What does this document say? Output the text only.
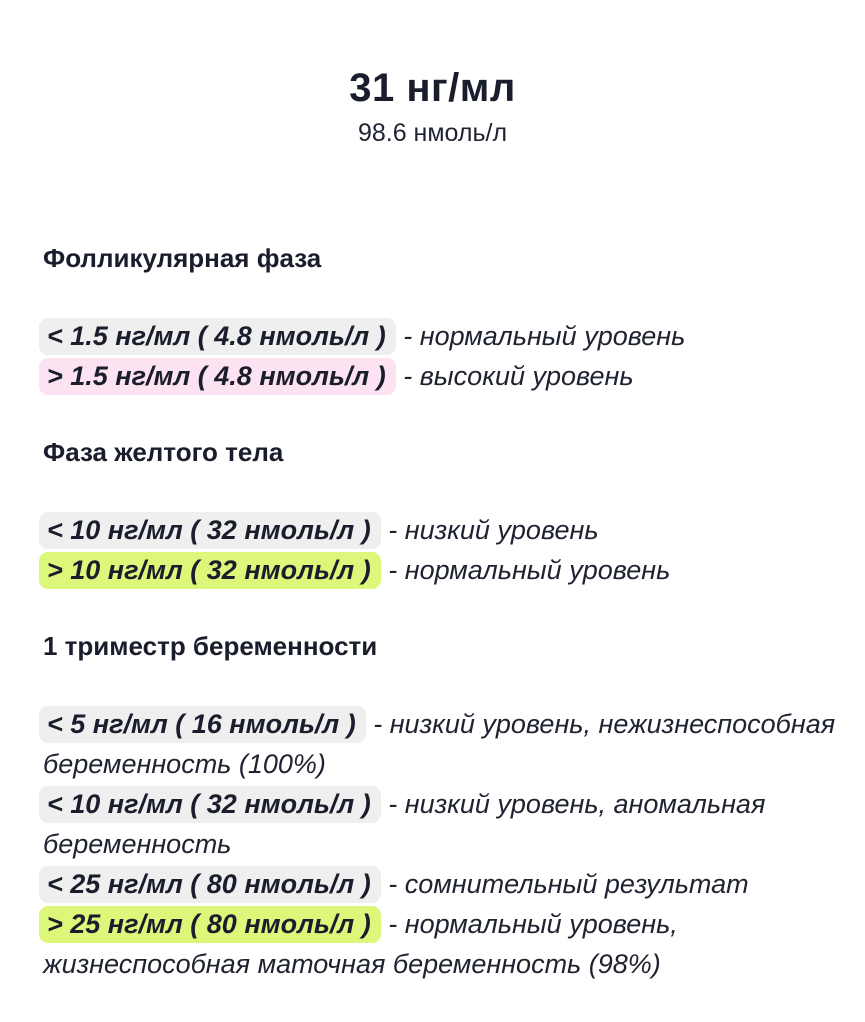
31 нг/мл
98.6 нмоль/л
Фолликулярная фаза
< 1.5 нг/мл ( 4.8 нмоль/л ) - нормальный уровень
> 1.5 нг/мл ( 4.8 нмоль/л ) - высокий уровень
Фаза желтого тела
< 10 нг/мл ( 32 нмоль/л ) - низкий уровень
> 10 нг/мл ( 32 нмоль/л ) - нормальный уровень
1 триместр беременности
< 5 нг/мл ( 16 нмоль/л ) - низкий уровень, нежизнеспособная беременность (100%)
< 10 нг/мл ( 32 нмоль/л ) - низкий уровень, аномальная беременность
< 25 нг/мл ( 80 нмоль/л ) - сомнительный результат
> 25 нг/мл ( 80 нмоль/л ) - нормальный уровень, жизнеспособная маточная беременность (98%)
